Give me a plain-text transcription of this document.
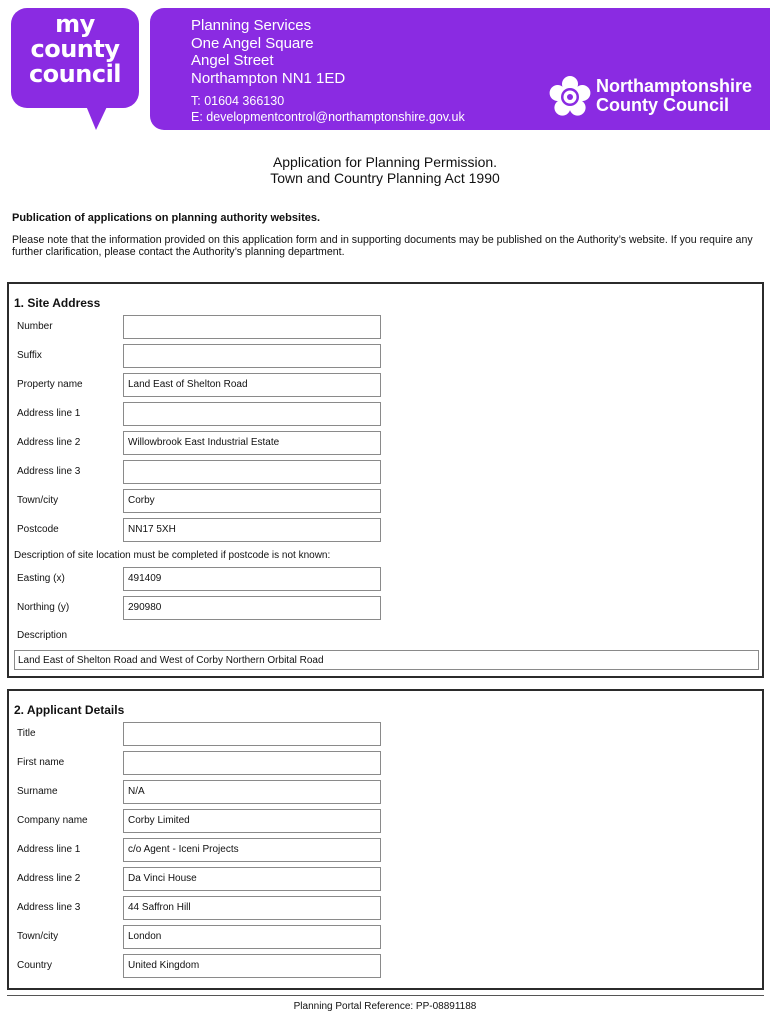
my
county
council
Planning Services
One Angel Square
Angel Street
Northampton NN1 1ED
T: 01604 366130
E: developmentcontrol@northamptonshire.gov.uk
Northamptonshire
County Council
Application for Planning Permission.
Town and Country Planning Act 1990
Publication of applications on planning authority websites.
Please note that the information provided on this application form and in supporting documents may be published on the Authority’s website. If you require any further clarification, please contact the Authority’s planning department.
1. Site Address
Number
Suffix
Property name	Land East of Shelton Road
Address line 1
Address line 2	Willowbrook East Industrial Estate
Address line 3
Town/city	Corby
Postcode	NN17 5XH
Description of site location must be completed if postcode is not known:
Easting (x)	491409
Northing (y)	290980
Description
Land East of Shelton Road and West of Corby Northern Orbital Road
2. Applicant Details
Title
First name
Surname	N/A
Company name	Corby Limited
Address line 1	c/o Agent - Iceni Projects
Address line 2	Da Vinci House
Address line 3	44 Saffron Hill
Town/city	London
Country	United Kingdom
Planning Portal Reference: PP-08891188
